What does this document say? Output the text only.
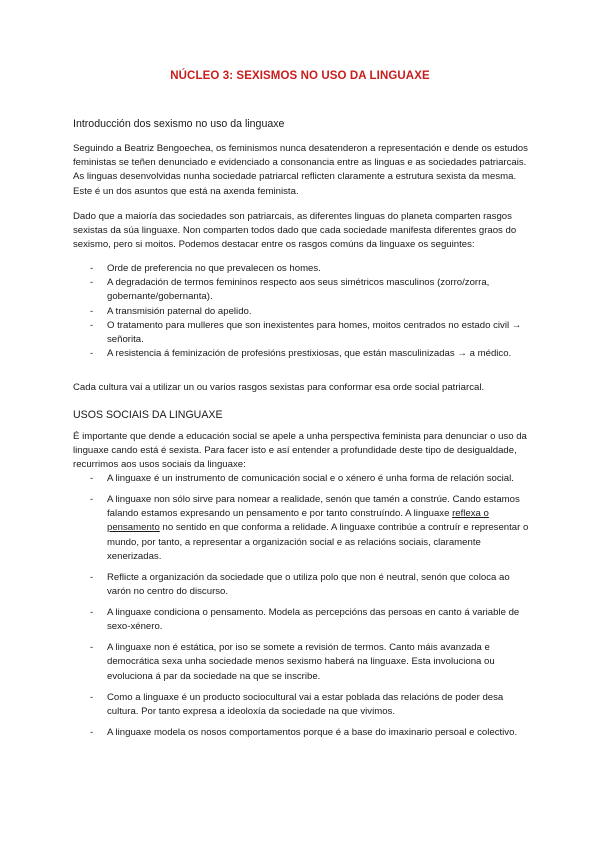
NÚCLEO 3: SEXISMOS NO USO DA LINGUAXE
Introducción dos sexismo no uso da linguaxe
Seguindo a Beatriz Bengoechea, os feminismos nunca desatenderon a representación e dende os estudos feministas se teñen denunciado e evidenciado a consonancia entre as linguas e as sociedades patriarcais. As linguas desenvolvidas nunha sociedade patriarcal reflicten claramente a estrutura sexista da mesma. Este é un dos asuntos que está na axenda feminista.
Dado que a maioría das sociedades son patriarcais, as diferentes linguas do planeta comparten rasgos sexistas da súa linguaxe. Non comparten todos dado que cada sociedade manifesta diferentes graos do sexismo, pero si moitos. Podemos destacar entre os rasgos comúns da linguaxe os seguintes:
- Orde de preferencia no que prevalecen os homes.
- A degradación de termos femininos respecto aos seus simétricos masculinos (zorro/zorra, gobernante/gobernanta).
- A transmisión paternal do apelido.
- O tratamento para mulleres que son inexistentes para homes, moitos centrados no estado civil → señorita.
- A resistencia á feminización de profesións prestixiosas, que están masculinizadas → a médico.
Cada cultura vai a utilizar un ou varios rasgos sexistas para conformar esa orde social patriarcal.
USOS SOCIAIS DA LINGUAXE
É importante que dende a educación social se apele a unha perspectiva feminista para denunciar o uso da linguaxe cando está é sexista. Para facer isto e así entender a profundidade deste tipo de desigualdade, recurrimos aos usos sociais da linguaxe:
- A linguaxe é un instrumento de comunicación social e o xénero é unha forma de relación social.
- A linguaxe non sólo sirve para nomear a realidade, senón que tamén a constrúe. Cando estamos falando estamos expresando un pensamento e por tanto construíndo. A linguaxe reflexa o pensamento no sentido en que conforma a relidade. A linguaxe contribúe a contruír e representar o mundo, por tanto, a representar a organización social e as relacións sociais, claramente xenerizadas.
- Reflicte a organización da sociedade que o utiliza polo que non é neutral, senón que coloca ao varón no centro do discurso.
- A linguaxe condiciona o pensamento. Modela as percepcións das persoas en canto á variable de sexo-xénero.
- A linguaxe non é estática, por iso se somete a revisión de termos. Canto máis avanzada e democrática sexa unha sociedade menos sexismo haberá na linguaxe. Esta involuciona ou evoluciona á par da sociedade na que se inscribe.
- Como a linguaxe é un producto sociocultural vai a estar poblada das relacións de poder desa cultura. Por tanto expresa a ideoloxía da sociedade na que vivimos.
- A linguaxe modela os nosos comportamentos porque é a base do imaxinario persoal e colectivo.
